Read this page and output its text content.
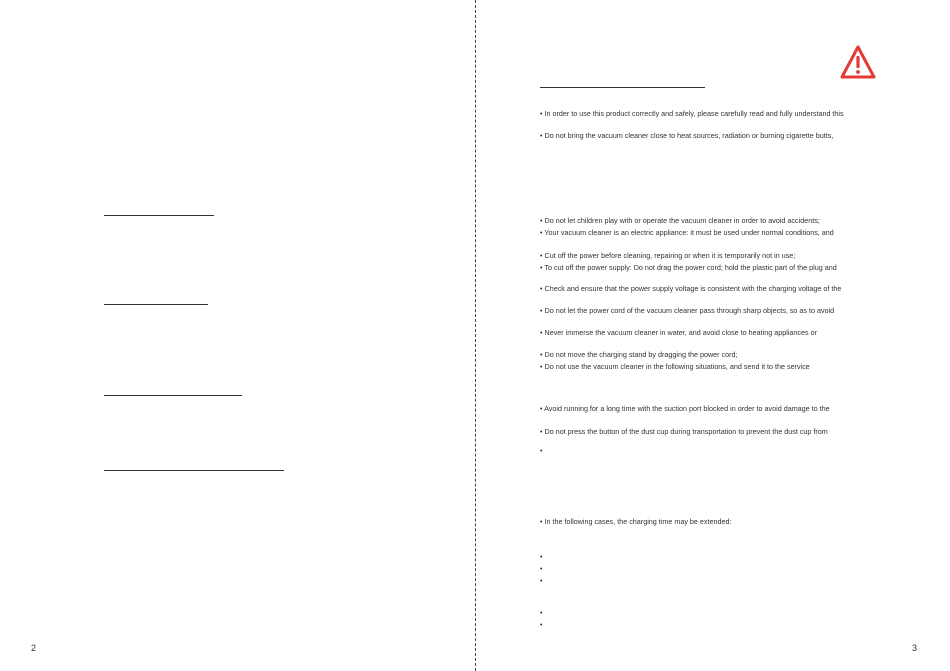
2
• In order to use this product correctly and safely, please carefully read and fully understand this
• Do not bring the vacuum cleaner close to heat sources, radiation or burning cigarette butts,
• Do not let children play with or operate the vacuum cleaner in order to avoid accidents;
• Your vacuum cleaner is an electric appliance: it must be used under normal conditions, and
• Cut off the power before cleaning, repairing or when it is temporarily not in use;
• To cut off the power supply: Do not drag the power cord; hold the plastic part of the plug and
• Check and ensure that the power supply voltage is consistent with the charging voltage of the
• Do not let the power cord of the vacuum cleaner pass through sharp objects, so as to avoid
• Never immerse the vacuum cleaner in water, and avoid close to heating appliances or
• Do not move the charging stand by dragging the power cord;
• Do not use the vacuum cleaner in the following situations, and send it to the service
• Avoid running for a long time with the suction port blocked in order to avoid damage to the
• Do not press the button of the dust cup during transportation to prevent the dust cup from
• In the following cases, the charging time may be extended:
•
•
•
•
•
•
3
